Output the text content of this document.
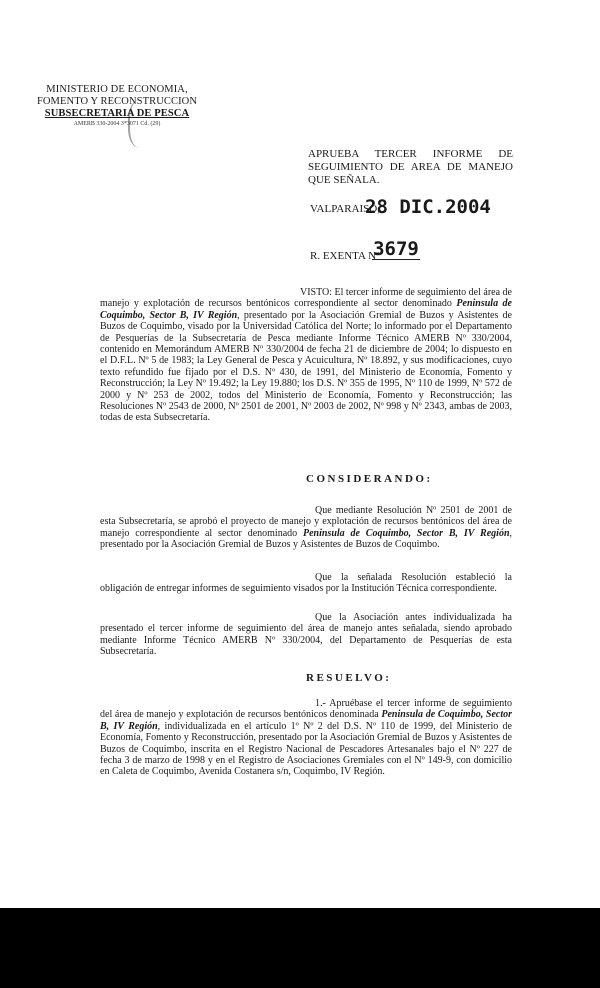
MINISTERIO DE ECONOMIA,
FOMENTO Y RECONSTRUCCION
SUBSECRETARIA DE PESCA
AMERB 330-2004 3*3071 Cd. (29)
APRUEBA TERCER INFORME DE SEGUIMIENTO DE AREA DE MANEJO QUE SEÑALA.
VALPARAISO,
28 DIC.2004
R. EXENTA Nº
3679
VISTO: El tercer informe de seguimiento del área de manejo y explotación de recursos bentónicos correspondiente al sector denominado Peninsula de Coquimbo, Sector B, IV Región, presentado por la Asociación Gremial de Buzos y Asistentes de Buzos de Coquimbo, visado por la Universidad Católica del Norte; lo informado por el Departamento de Pesquerías de la Subsecretaría de Pesca mediante Informe Técnico AMERB Nº 330/2004, contenido en Memorándum AMERB Nº 330/2004 de fecha 21 de diciembre de 2004; lo dispuesto en el D.F.L. Nº 5 de 1983; la Ley General de Pesca y Acuicultura, Nº 18.892, y sus modificaciones, cuyo texto refundido fue fijado por el D.S. Nº 430, de 1991, del Ministerio de Economía, Fomento y Reconstrucción; la Ley Nº 19.492; la Ley 19.880; los D.S. Nº 355 de 1995, Nº 110 de 1999, Nº 572 de 2000 y Nº 253 de 2002, todos del Ministerio de Economía, Fomento y Reconstrucción; las Resoluciones Nº 2543 de 2000, Nº 2501 de 2001, Nº 2003 de 2002, Nº 998 y Nº 2343, ambas de 2003, todas de esta Subsecretaría.
CONSIDERANDO:
Que mediante Resolución Nº 2501 de 2001 de esta Subsecretaría, se aprobó el proyecto de manejo y explotación de recursos bentónicos del área de manejo correspondiente al sector denominado Peninsula de Coquimbo, Sector B, IV Región, presentado por la Asociación Gremial de Buzos y Asistentes de Buzos de Coquimbo.
Que la señalada Resolución estableció la obligación de entregar informes de seguimiento visados por la Institución Técnica correspondiente.
Que la Asociación antes individualizada ha presentado el tercer informe de seguimiento del área de manejo antes señalada, siendo aprobado mediante Informe Técnico AMERB Nº 330/2004, del Departamento de Pesquerías de esta Subsecretaría.
RESUELVO:
1.- Apruébase el tercer informe de seguimiento del área de manejo y explotación de recursos bentónicos denominada Peninsula de Coquimbo, Sector B, IV Región, individualizada en el artículo 1º Nº 2 del D.S. Nº 110 de 1999, del Ministerio de Economía, Fomento y Reconstrucción, presentado por la Asociación Gremial de Buzos y Asistentes de Buzos de Coquimbo, inscrita en el Registro Nacional de Pescadores Artesanales bajo el Nº 227 de fecha 3 de marzo de 1998 y en el Registro de Asociaciones Gremiales con el Nº 149-9, con domicilio en Caleta de Coquimbo, Avenida Costanera s/n, Coquimbo, IV Región.
